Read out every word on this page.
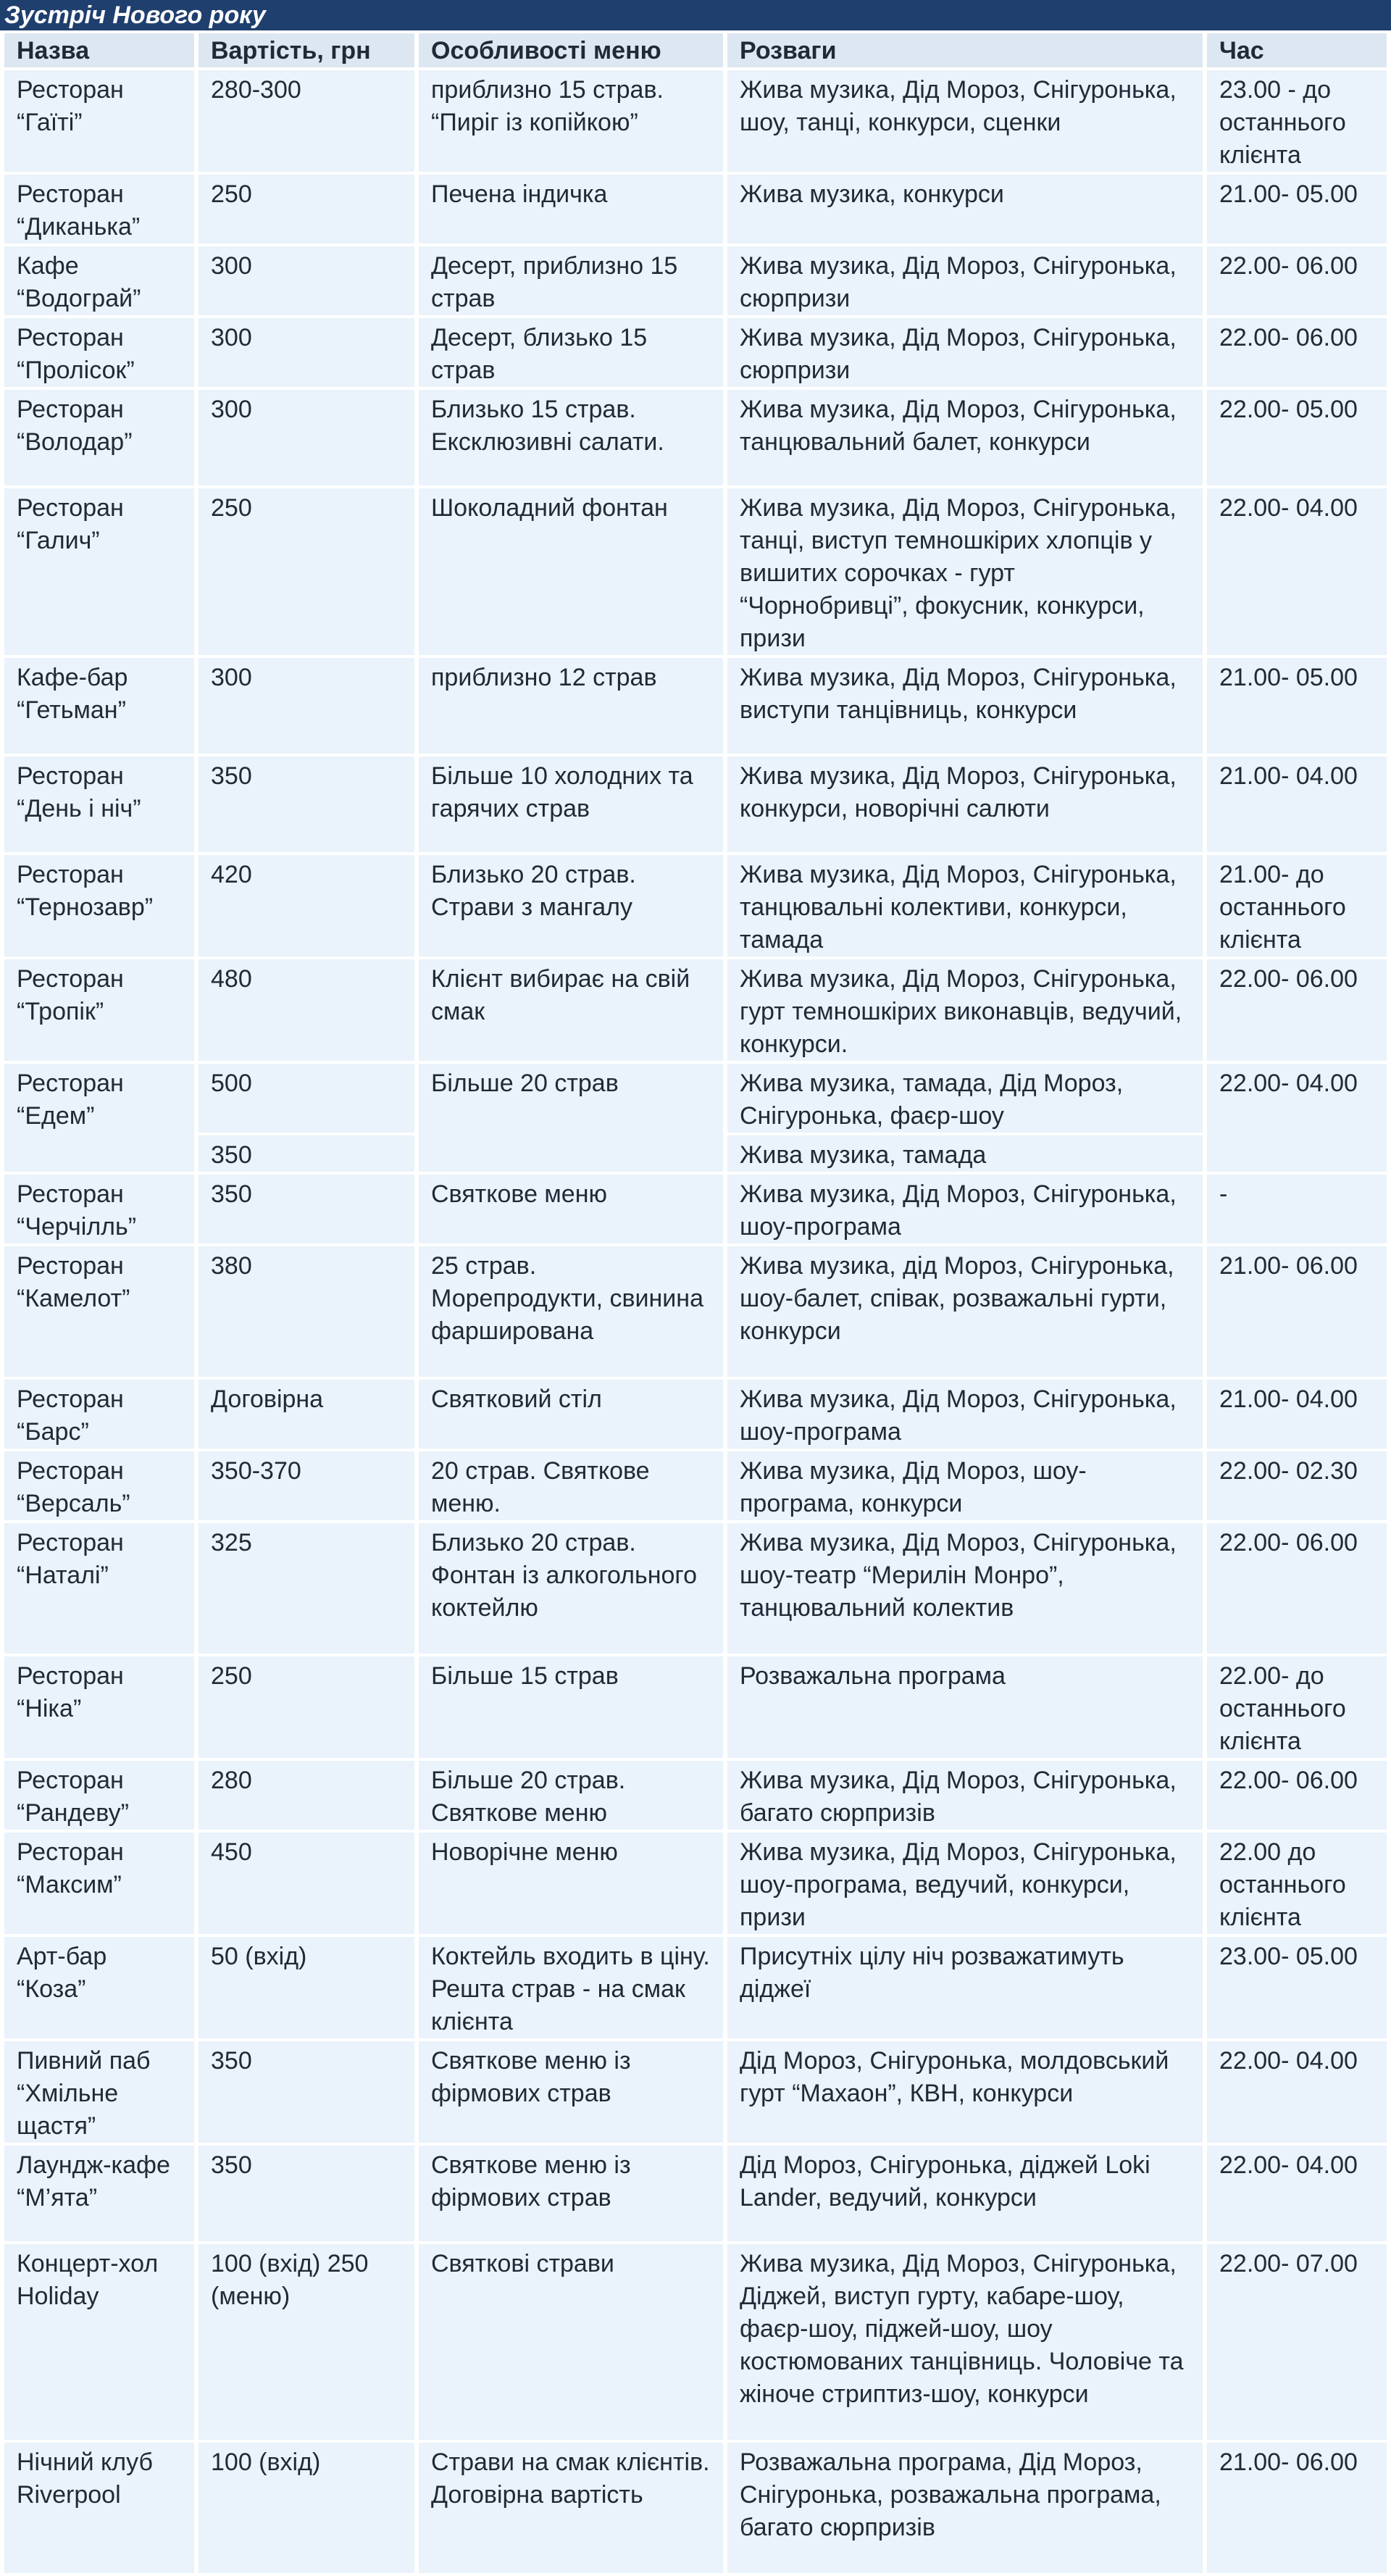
Зустріч Нового року
Назва	Вартість, грн	Особливості меню	Розваги	Час
Ресторан “Гаїті”	280-300	приблизно 15 страв. “Пиріг із копійкою”	Жива музика, Дід Мороз, Снігуронька, шоу, танці, конкурси, сценки	23.00 - до останнього клієнта
Ресторан “Диканька”	250	Печена індичка	Жива музика, конкурси	21.00- 05.00
Кафе “Водограй”	300	Десерт, приблизно 15 страв	Жива музика, Дід Мороз, Снігуронька, сюрпризи	22.00- 06.00
Ресторан “Пролісок”	300	Десерт, близько 15 страв	Жива музика, Дід Мороз, Снігуронька, сюрпризи	22.00- 06.00
Ресторан “Володар”	300	Близько 15 страв. Ексклюзивні салати.	Жива музика, Дід Мороз, Снігуронька, танцювальний балет, конкурси	22.00- 05.00
Ресторан “Галич”	250	Шоколадний фонтан	Жива музика, Дід Мороз, Снігуронька, танці, виступ темношкірих хлопців у вишитих сорочках - гурт “Чорнобривці”, фокусник, конкурси, призи	22.00- 04.00
Кафе-бар “Гетьман”	300	приблизно 12 страв	Жива музика, Дід Мороз, Снігуронька, виступи танцівниць, конкурси	21.00- 05.00
Ресторан “День і ніч”	350	Більше 10 холодних та гарячих страв	Жива музика, Дід Мороз, Снігуронька, конкурси, новорічні салюти	21.00- 04.00
Ресторан “Тернозавр”	420	Близько 20 страв. Страви з мангалу	Жива музика, Дід Мороз, Снігуронька, танцювальні колективи, конкурси, тамада	21.00- до останнього клієнта
Ресторан “Тропік”	480	Клієнт вибирає на свій смак	Жива музика, Дід Мороз, Снігуронька, гурт темношкірих виконавців, ведучий, конкурси.	22.00- 06.00
Ресторан “Едем”	500	Більше 20 страв	Жива музика, тамада, Дід Мороз, Снігуронька, фаєр-шоу	22.00- 04.00
	350		Жива музика, тамада	
Ресторан “Черчілль”	350	Святкове меню	Жива музика, Дід Мороз, Снігуронька, шоу-програма	-
Ресторан “Камелот”	380	25 страв. Морепродукти, свинина фарширована	Жива музика, дід Мороз, Снігуронька, шоу-балет, співак, розважальні гурти, конкурси	21.00- 06.00
Ресторан “Барс”	Договірна	Святковий стіл	Жива музика, Дід Мороз, Снігуронька, шоу-програма	21.00- 04.00
Ресторан “Версаль”	350-370	20 страв. Святкове меню.	Жива музика, Дід Мороз, шоу-програма, конкурси	22.00- 02.30
Ресторан “Наталі”	325	Близько 20 страв. Фонтан із алкогольного коктейлю	Жива музика, Дід Мороз, Снігуронька, шоу-театр “Мерилін Монро”, танцювальний колектив	22.00- 06.00
Ресторан “Ніка”	250	Більше 15 страв	Розважальна програма	22.00- до останнього клієнта
Ресторан “Рандеву”	280	Більше 20 страв. Святкове меню	Жива музика, Дід Мороз, Снігуронька, багато сюрпризів	22.00- 06.00
Ресторан “Максим”	450	Новорічне меню	Жива музика, Дід Мороз, Снігуронька, шоу-програма, ведучий, конкурси, призи	22.00 до останнього клієнта
Арт-бар “Коза”	50 (вхід)	Коктейль входить в ціну. Решта страв - на смак клієнта	Присутніх цілу ніч розважатимуть діджеї	23.00- 05.00
Пивний паб “Хмільне щастя”	350	Святкове меню із фірмових страв	Дід Мороз, Снігуронька, молдовський гурт “Махаон”, КВН, конкурси	22.00- 04.00
Лаундж-кафе “М’ята”	350	Святкове меню із фірмових страв	Дід Мороз, Снігуронька, діджей Loki Lander, ведучий, конкурси	22.00- 04.00
Концерт-хол Holiday	100 (вхід) 250 (меню)	Святкові страви	Жива музика, Дід Мороз, Снігуронька, Діджей, виступ гурту, кабаре-шоу, фаєр-шоу, піджей-шоу, шоу костюмованих танцівниць. Чоловіче та жіноче стриптиз-шоу, конкурси	22.00- 07.00
Нічний клуб Riverpool	100 (вхід)	Страви на смак клієнтів. Договірна вартість	Розважальна програма, Дід Мороз, Снігуронька, розважальна програма, багато сюрпризів	21.00- 06.00
